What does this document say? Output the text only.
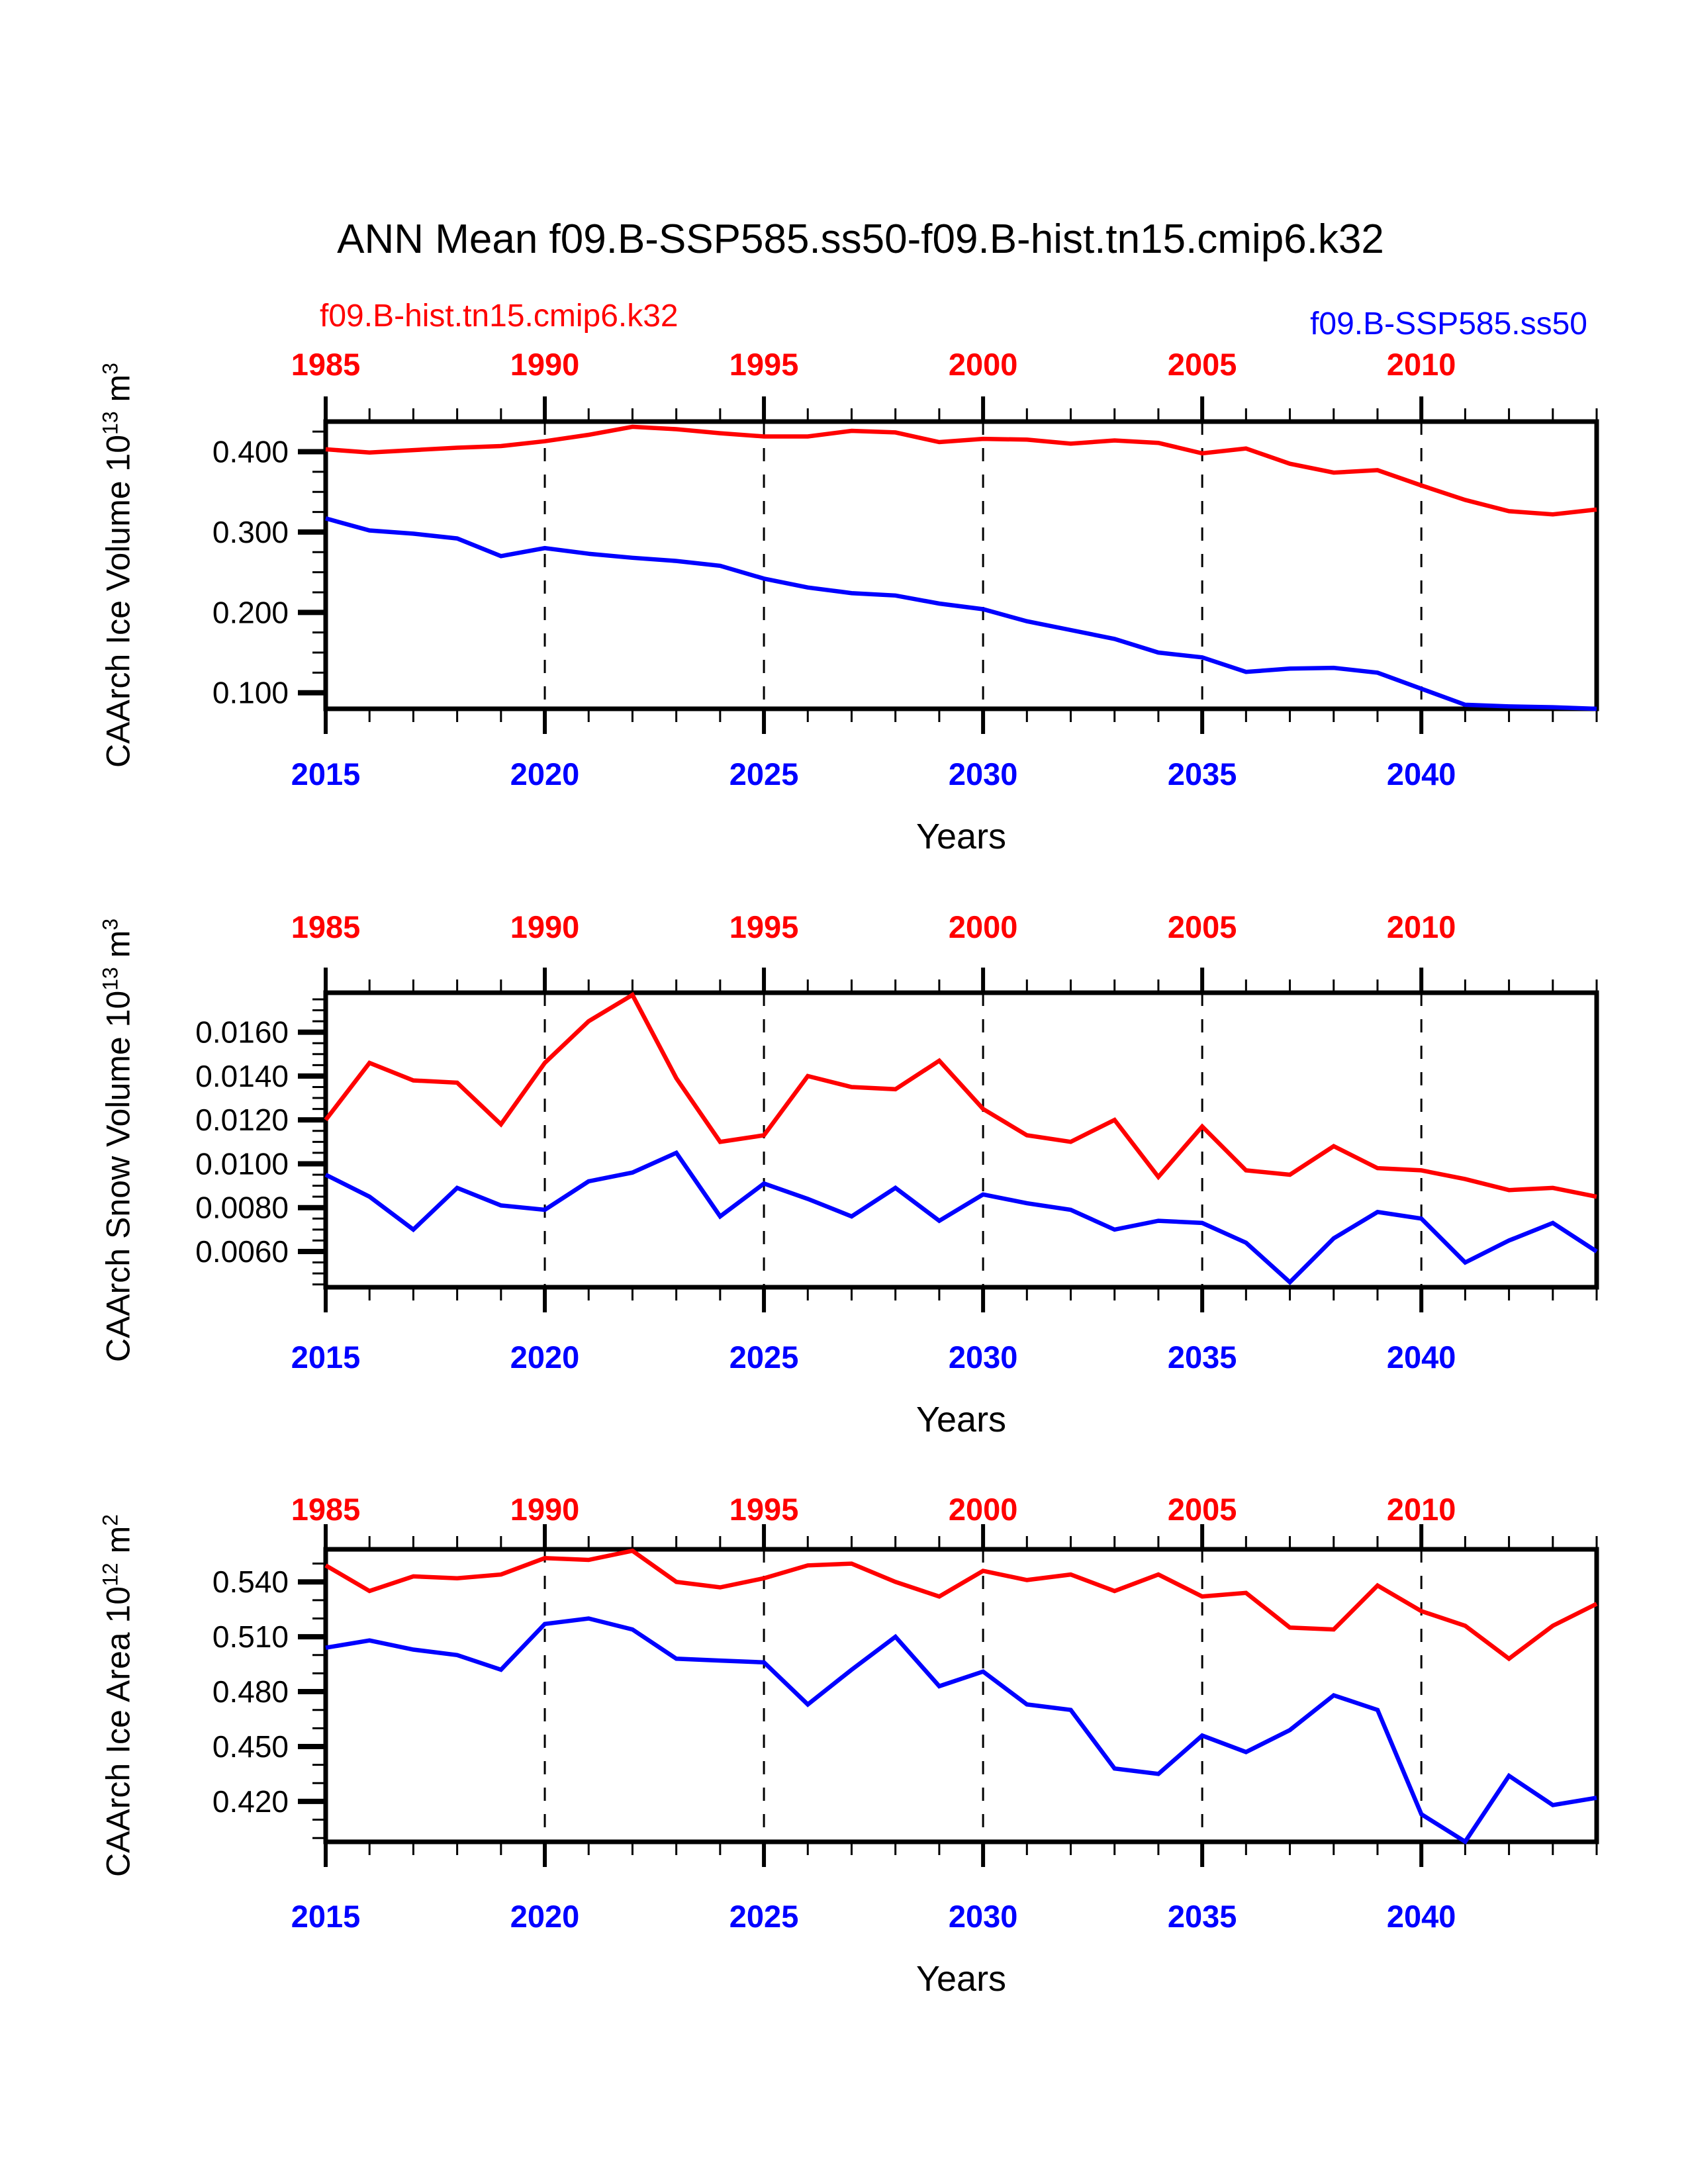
ANN Mean f09.B-SSP585.ss50-f09.B-hist.tn15.cmip6.k32
f09.B-hist.tn15.cmip6.k32	f09.B-SSP585.ss50
CAArch Ice Volume $10^{13}$ $m^3$
CAArch Snow Volume $10^{13}$ $m^3$
CAArch Ice Area $10^{12}$ $m^2$
0.100
0.200
0.300
0.400
1985
2015
1990
2020
1995
2025
2000
2030
2005
2035
2010
2040
Years
0.0060
0.0080
0.0100
0.0120
0.0140
0.0160
1985
2015
1990
2020
1995
2025
2000
2030
2005
2035
2010
2040
Years
0.420
0.450
0.480
0.510
0.540
1985
2015
1990
2020
1995
2025
2000
2030
2005
2035
2010
2040
Years
